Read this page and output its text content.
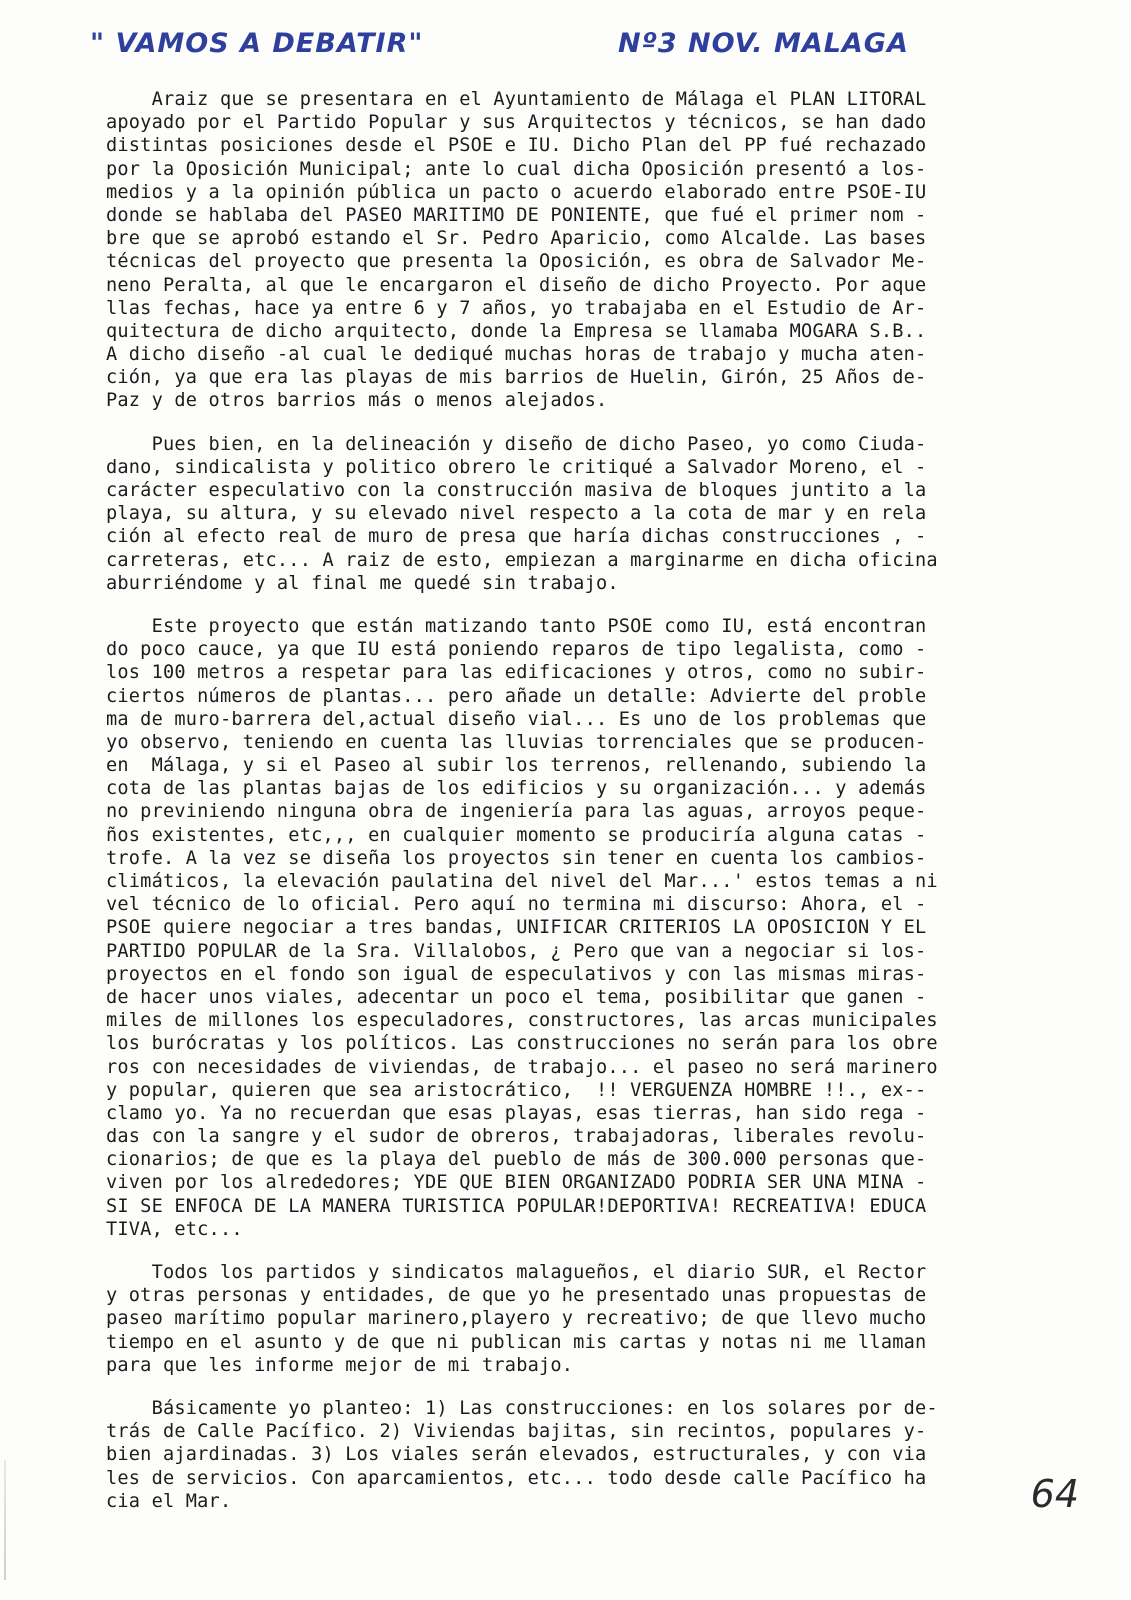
" VAMOS A DEBATIR"	Nº3 NOV. MALAGA

Araiz que se presentara en el Ayuntamiento de Málaga el PLAN LITORAL
apoyado por el Partido Popular y sus Arquitectos y técnicos, se han dado
distintas posiciones desde el PSOE e IU. Dicho Plan del PP fué rechazado
por la Oposición Municipal; ante lo cual dicha Oposición presentó a los-
medios y a la opinión pública un pacto o acuerdo elaborado entre PSOE-IU
donde se hablaba del PASEO MARITIMO DE PONIENTE, que fué el primer nom -
bre que se aprobó estando el Sr. Pedro Aparicio, como Alcalde. Las bases
técnicas del proyecto que presenta la Oposición, es obra de Salvador Me-
neno Peralta, al que le encargaron el diseño de dicho Proyecto. Por aque
llas fechas, hace ya entre 6 y 7 años, yo trabajaba en el Estudio de Ar-
quitectura de dicho arquitecto, donde la Empresa se llamaba MOGARA S.B..
A dicho diseño -al cual le dediqué muchas horas de trabajo y mucha aten-
ción, ya que era las playas de mis barrios de Huelin, Girón, 25 Años de-
Paz y de otros barrios más o menos alejados.

Pues bien, en la delineación y diseño de dicho Paseo, yo como Ciuda-
dano, sindicalista y politico obrero le critiqué a Salvador Moreno, el -
carácter especulativo con la construcción masiva de bloques juntito a la
playa, su altura, y su elevado nivel respecto a la cota de mar y en rela
ción al efecto real de muro de presa que haría dichas construcciones , -
carreteras, etc... A raiz de esto, empiezan a marginarme en dicha oficina
aburriéndome y al final me quedé sin trabajo.

Este proyecto que están matizando tanto PSOE como IU, está encontran
do poco cauce, ya que IU está poniendo reparos de tipo legalista, como -
los 100 metros a respetar para las edificaciones y otros, como no subir-
ciertos números de plantas... pero añade un detalle: Advierte del proble
ma de muro-barrera del,actual diseño vial... Es uno de los problemas que
yo observo, teniendo en cuenta las lluvias torrenciales que se producen-
en  Málaga, y si el Paseo al subir los terrenos, rellenando, subiendo la
cota de las plantas bajas de los edificios y su organización... y además
no previniendo ninguna obra de ingeniería para las aguas, arroyos peque-
ños existentes, etc,,, en cualquier momento se produciría alguna catas -
trofe. A la vez se diseña los proyectos sin tener en cuenta los cambios-
climáticos, la elevación paulatina del nivel del Mar...' estos temas a ni
vel técnico de lo oficial. Pero aquí no termina mi discurso: Ahora, el -
PSOE quiere negociar a tres bandas, UNIFICAR CRITERIOS LA OPOSICION Y EL
PARTIDO POPULAR de la Sra. Villalobos, ¿ Pero que van a negociar si los-
proyectos en el fondo son igual de especulativos y con las mismas miras-
de hacer unos viales, adecentar un poco el tema, posibilitar que ganen -
miles de millones los especuladores, constructores, las arcas municipales
los burócratas y los políticos. Las construcciones no serán para los obre
ros con necesidades de viviendas, de trabajo... el paseo no será marinero
y popular, quieren que sea aristocrático,  !! VERGUENZA HOMBRE !!., ex--
clamo yo. Ya no recuerdan que esas playas, esas tierras, han sido rega -
das con la sangre y el sudor de obreros, trabajadoras, liberales revolu-
cionarios; de que es la playa del pueblo de más de 300.000 personas que-
viven por los alrededores; YDE QUE BIEN ORGANIZADO PODRIA SER UNA MINA -
SI SE ENFOCA DE LA MANERA TURISTICA POPULAR!DEPORTIVA! RECREATIVA! EDUCA
TIVA, etc...

Todos los partidos y sindicatos malagueños, el diario SUR, el Rector
y otras personas y entidades, de que yo he presentado unas propuestas de
paseo marítimo popular marinero,playero y recreativo; de que llevo mucho
tiempo en el asunto y de que ni publican mis cartas y notas ni me llaman
para que les informe mejor de mi trabajo.

Básicamente yo planteo: 1) Las construcciones: en los solares por de-
trás de Calle Pacífico. 2) Viviendas bajitas, sin recintos, populares y-
bien ajardinadas. 3) Los viales serán elevados, estructurales, y con via
les de servicios. Con aparcamientos, etc... todo desde calle Pacífico ha
cia el Mar.	64
